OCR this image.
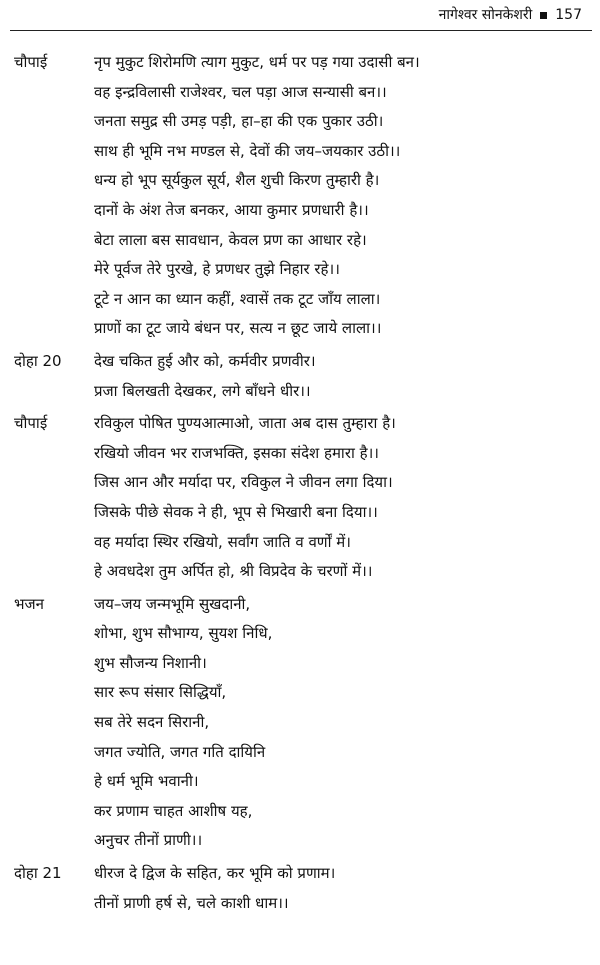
नागेश्वर सोनकेशरी 157
चौपाई	नृप मुकुट शिरोमणि त्याग मुकुट, धर्म पर पड़ गया उदासी बन।
वह इन्द्रविलासी राजेश्वर, चल पड़ा आज सन्यासी बन।।
जनता समुद्र सी उमड़ पड़ी, हा–हा की एक पुकार उठी।
साथ ही भूमि नभ मण्डल से, देवों की जय–जयकार उठी।।
धन्य हो भूप सूर्यकुल सूर्य, शैल शुची किरण तुम्हारी है।
दानों के अंश तेज बनकर, आया कुमार प्रणधारी है।।
बेटा लाला बस सावधान, केवल प्रण का आधार रहे।
मेरे पूर्वज तेरे पुरखे, हे प्रणधर तुझे निहार रहे।।
टूटे न आन का ध्यान कहीं, श्वासें तक टूट जाँय लाला।
प्राणों का टूट जाये बंधन पर, सत्य न छूट जाये लाला।।
दोहा 20	देख चकित हुई और को, कर्मवीर प्रणवीर।
प्रजा बिलखती देखकर, लगे बाँधने धीर।।
चौपाई	रविकुल पोषित पुण्यआत्माओ, जाता अब दास तुम्हारा है।
रखियो जीवन भर राजभक्ति, इसका संदेश हमारा है।।
जिस आन और मर्यादा पर, रविकुल ने जीवन लगा दिया।
जिसके पीछे सेवक ने ही, भूप से भिखारी बना दिया।।
वह मर्यादा स्थिर रखियो, सर्वांग जाति व वर्णों में।
हे अवधदेश तुम अर्पित हो, श्री विप्रदेव के चरणों में।।
भजन	जय–जय जन्मभूमि सुखदानी,
शोभा, शुभ सौभाग्य, सुयश निधि,
शुभ सौजन्य निशानी।
सार रूप संसार सिद्धियाँ,
सब तेरे सदन सिरानी,
जगत ज्योति, जगत गति दायिनि
हे धर्म भूमि भवानी।
कर प्रणाम चाहत आशीष यह,
अनुचर तीनों प्राणी।।
दोहा 21	धीरज दे द्विज के सहित, कर भूमि को प्रणाम।
तीनों प्राणी हर्ष से, चले काशी धाम।।
